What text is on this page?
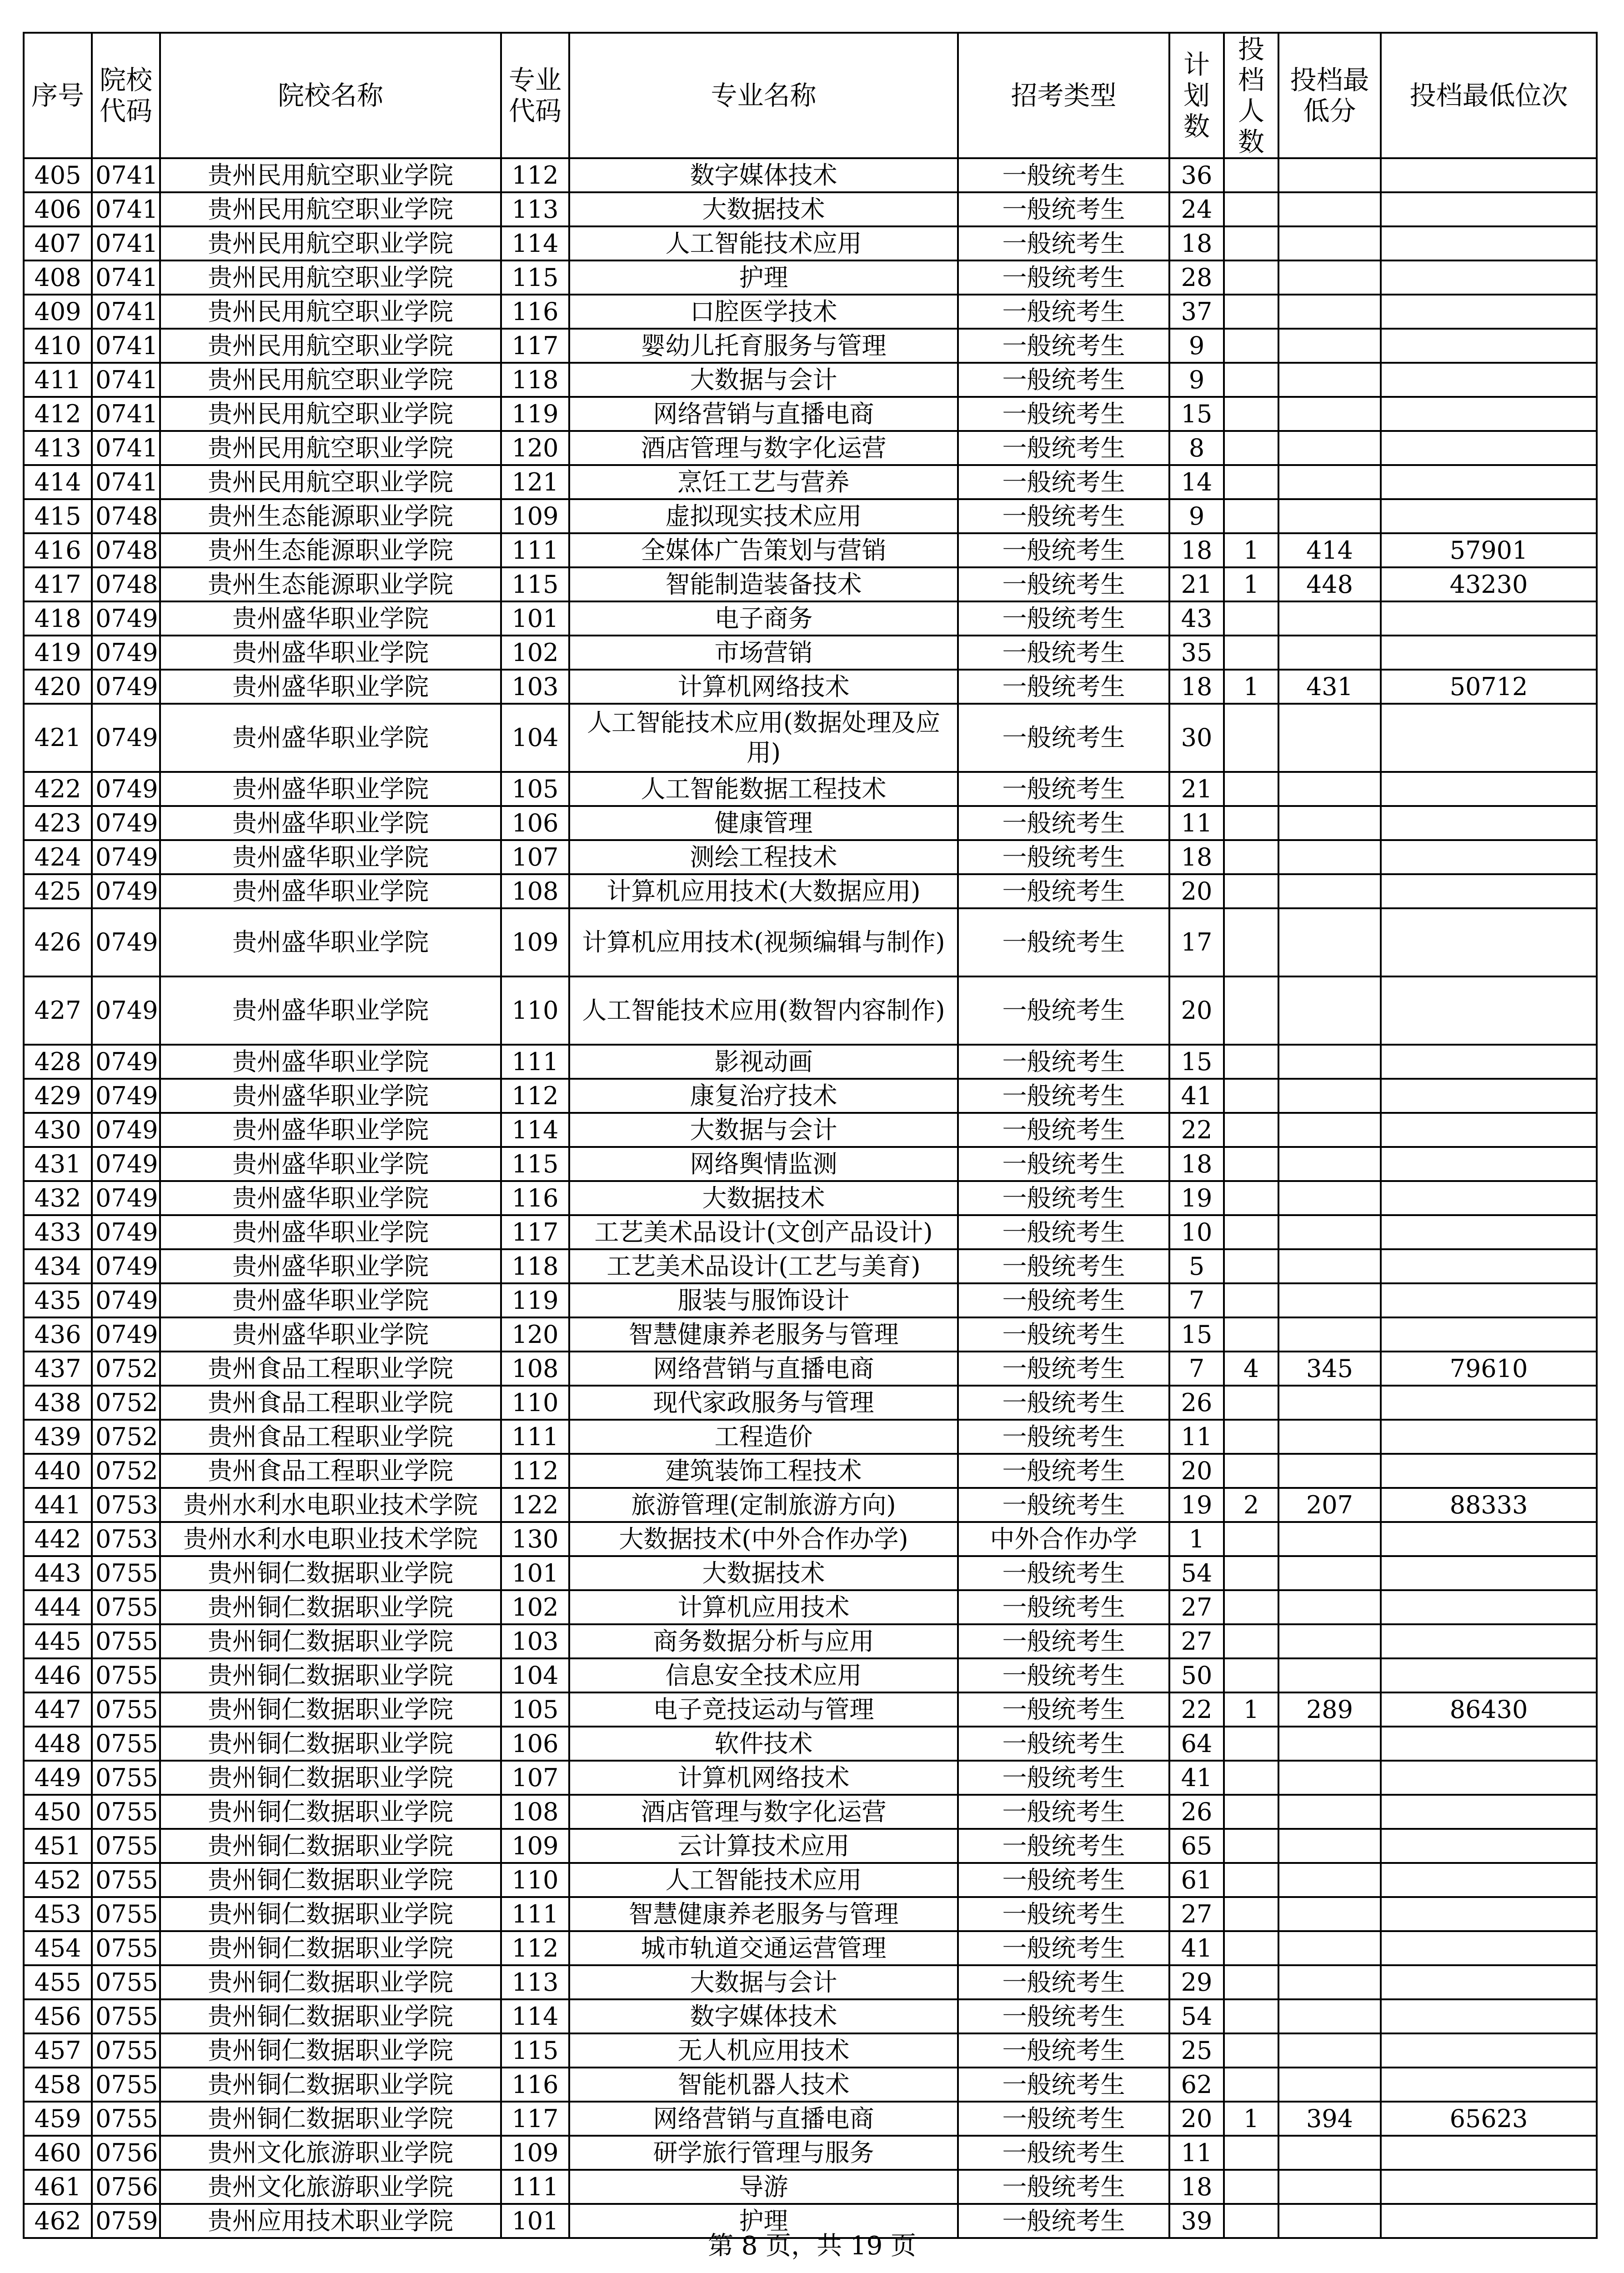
序号	院校代码	院校名称	专业代码	专业名称	招考类型	计划数	投档人数	投档最低分	投档最低位次
405	0741	贵州民用航空职业学院	112	数字媒体技术	一般统考生	36			
406	0741	贵州民用航空职业学院	113	大数据技术	一般统考生	24			
407	0741	贵州民用航空职业学院	114	人工智能技术应用	一般统考生	18			
408	0741	贵州民用航空职业学院	115	护理	一般统考生	28			
409	0741	贵州民用航空职业学院	116	口腔医学技术	一般统考生	37			
410	0741	贵州民用航空职业学院	117	婴幼儿托育服务与管理	一般统考生	9			
411	0741	贵州民用航空职业学院	118	大数据与会计	一般统考生	9			
412	0741	贵州民用航空职业学院	119	网络营销与直播电商	一般统考生	15			
413	0741	贵州民用航空职业学院	120	酒店管理与数字化运营	一般统考生	8			
414	0741	贵州民用航空职业学院	121	烹饪工艺与营养	一般统考生	14			
415	0748	贵州生态能源职业学院	109	虚拟现实技术应用	一般统考生	9			
416	0748	贵州生态能源职业学院	111	全媒体广告策划与营销	一般统考生	18	1	414	57901
417	0748	贵州生态能源职业学院	115	智能制造装备技术	一般统考生	21	1	448	43230
418	0749	贵州盛华职业学院	101	电子商务	一般统考生	43			
419	0749	贵州盛华职业学院	102	市场营销	一般统考生	35			
420	0749	贵州盛华职业学院	103	计算机网络技术	一般统考生	18	1	431	50712
421	0749	贵州盛华职业学院	104	人工智能技术应用(数据处理及应用)	一般统考生	30			
422	0749	贵州盛华职业学院	105	人工智能数据工程技术	一般统考生	21			
423	0749	贵州盛华职业学院	106	健康管理	一般统考生	11			
424	0749	贵州盛华职业学院	107	测绘工程技术	一般统考生	18			
425	0749	贵州盛华职业学院	108	计算机应用技术(大数据应用)	一般统考生	20			
426	0749	贵州盛华职业学院	109	计算机应用技术(视频编辑与制作)	一般统考生	17			
427	0749	贵州盛华职业学院	110	人工智能技术应用(数智内容制作)	一般统考生	20			
428	0749	贵州盛华职业学院	111	影视动画	一般统考生	15			
429	0749	贵州盛华职业学院	112	康复治疗技术	一般统考生	41			
430	0749	贵州盛华职业学院	114	大数据与会计	一般统考生	22			
431	0749	贵州盛华职业学院	115	网络舆情监测	一般统考生	18			
432	0749	贵州盛华职业学院	116	大数据技术	一般统考生	19			
433	0749	贵州盛华职业学院	117	工艺美术品设计(文创产品设计)	一般统考生	10			
434	0749	贵州盛华职业学院	118	工艺美术品设计(工艺与美育)	一般统考生	5			
435	0749	贵州盛华职业学院	119	服装与服饰设计	一般统考生	7			
436	0749	贵州盛华职业学院	120	智慧健康养老服务与管理	一般统考生	15			
437	0752	贵州食品工程职业学院	108	网络营销与直播电商	一般统考生	7	4	345	79610
438	0752	贵州食品工程职业学院	110	现代家政服务与管理	一般统考生	26			
439	0752	贵州食品工程职业学院	111	工程造价	一般统考生	11			
440	0752	贵州食品工程职业学院	112	建筑装饰工程技术	一般统考生	20			
441	0753	贵州水利水电职业技术学院	122	旅游管理(定制旅游方向)	一般统考生	19	2	207	88333
442	0753	贵州水利水电职业技术学院	130	大数据技术(中外合作办学)	中外合作办学	1			
443	0755	贵州铜仁数据职业学院	101	大数据技术	一般统考生	54			
444	0755	贵州铜仁数据职业学院	102	计算机应用技术	一般统考生	27			
445	0755	贵州铜仁数据职业学院	103	商务数据分析与应用	一般统考生	27			
446	0755	贵州铜仁数据职业学院	104	信息安全技术应用	一般统考生	50			
447	0755	贵州铜仁数据职业学院	105	电子竞技运动与管理	一般统考生	22	1	289	86430
448	0755	贵州铜仁数据职业学院	106	软件技术	一般统考生	64			
449	0755	贵州铜仁数据职业学院	107	计算机网络技术	一般统考生	41			
450	0755	贵州铜仁数据职业学院	108	酒店管理与数字化运营	一般统考生	26			
451	0755	贵州铜仁数据职业学院	109	云计算技术应用	一般统考生	65			
452	0755	贵州铜仁数据职业学院	110	人工智能技术应用	一般统考生	61			
453	0755	贵州铜仁数据职业学院	111	智慧健康养老服务与管理	一般统考生	27			
454	0755	贵州铜仁数据职业学院	112	城市轨道交通运营管理	一般统考生	41			
455	0755	贵州铜仁数据职业学院	113	大数据与会计	一般统考生	29			
456	0755	贵州铜仁数据职业学院	114	数字媒体技术	一般统考生	54			
457	0755	贵州铜仁数据职业学院	115	无人机应用技术	一般统考生	25			
458	0755	贵州铜仁数据职业学院	116	智能机器人技术	一般统考生	62			
459	0755	贵州铜仁数据职业学院	117	网络营销与直播电商	一般统考生	20	1	394	65623
460	0756	贵州文化旅游职业学院	109	研学旅行管理与服务	一般统考生	11			
461	0756	贵州文化旅游职业学院	111	导游	一般统考生	18			
462	0759	贵州应用技术职业学院	101	护理	一般统考生	39			
第 8 页，共 19 页
